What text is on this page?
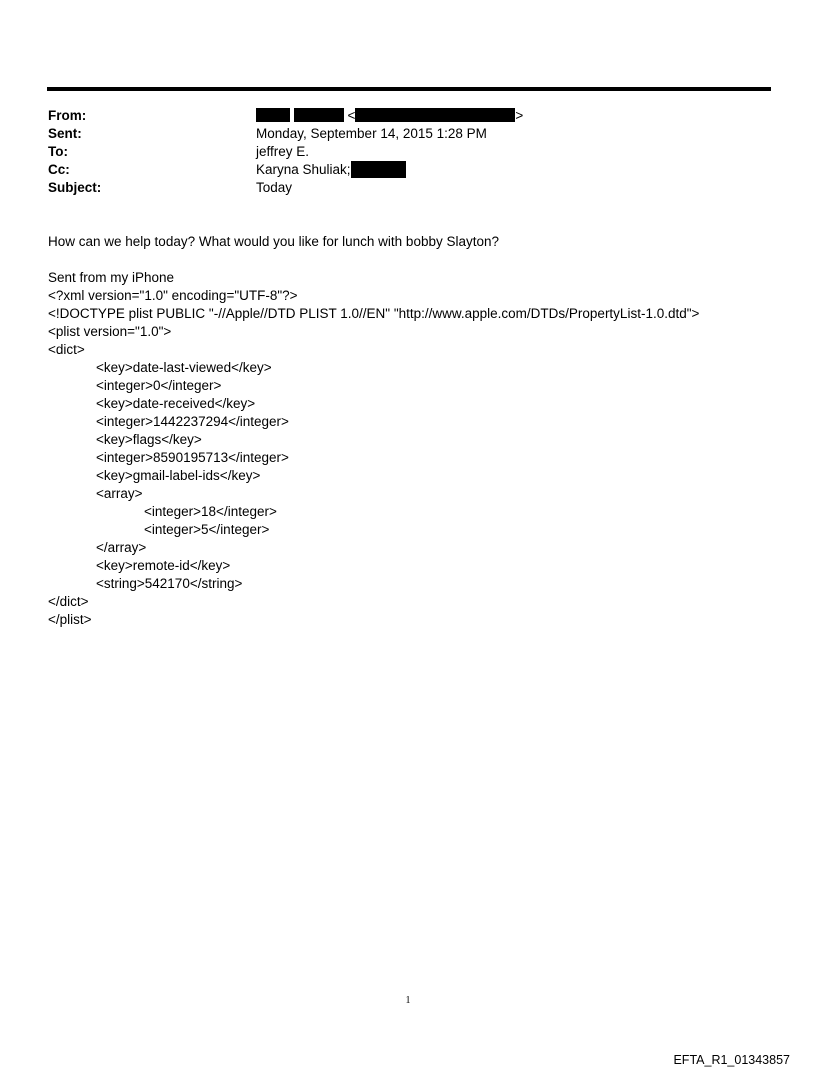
From:	<	>
Sent:	Monday, September 14, 2015 1:28 PM
To:	jeffrey E.
Cc:	Karyna Shuliak;
Subject:	Today

How can we help today? What would you like for lunch with bobby Slayton?

Sent from my iPhone

<?xml version="1.0" encoding="UTF-8"?>

<!DOCTYPE plist PUBLIC "-//Apple//DTD PLIST 1.0//EN" "http://www.apple.com/DTDs/PropertyList-1.0.dtd">

<plist version="1.0">

<dict>

<key>date-last-viewed</key>

<integer>0</integer>

<key>date-received</key>

<integer>1442237294</integer>

<key>flags</key>

<integer>8590195713</integer>

<key>gmail-label-ids</key>

<array>

<integer>18</integer>

<integer>5</integer>

</array>

<key>remote-id</key>

<string>542170</string>

</dict>

</plist>

1
EFTA_R1_01343857
